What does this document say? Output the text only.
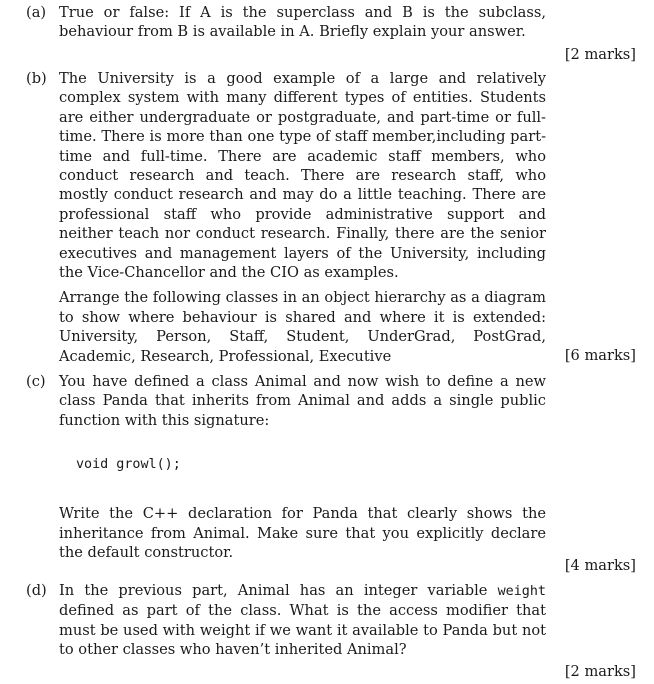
(a) True or false: If A is the superclass and B is the subclass, behaviour from B is available in A. Briefly explain your answer.
[2 marks]
(b) The University is a good example of a large and relatively complex system with many different types of entities. Students are either undergraduate or postgraduate, and part-time or full-time. There is more than one type of staff member,including part-time and full-time. There are academic staff members, who conduct research and teach. There are research staff, who mostly conduct research and may do a little teaching. There are professional staff who provide administrative support and neither teach nor conduct research. Finally, there are the senior executives and management layers of the University, including the Vice-Chancellor and the CIO as examples.
Arrange the following classes in an object hierarchy as a diagram to show where behaviour is shared and where it is extended: University, Person, Staff, Student, UnderGrad, PostGrad, Academic, Research, Professional, Executive	[6 marks]
(c) You have defined a class Animal and now wish to define a new class Panda that inherits from Animal and adds a single public function with this signature:
void growl();
Write the C++ declaration for Panda that clearly shows the inheritance from Animal. Make sure that you explicitly declare the default constructor.
[4 marks]
(d) In the previous part, Animal has an integer variable weight defined as part of the class. What is the access modifier that must be used with weight if we want it available to Panda but not to other classes who haven’t inherited Animal?
[2 marks]
